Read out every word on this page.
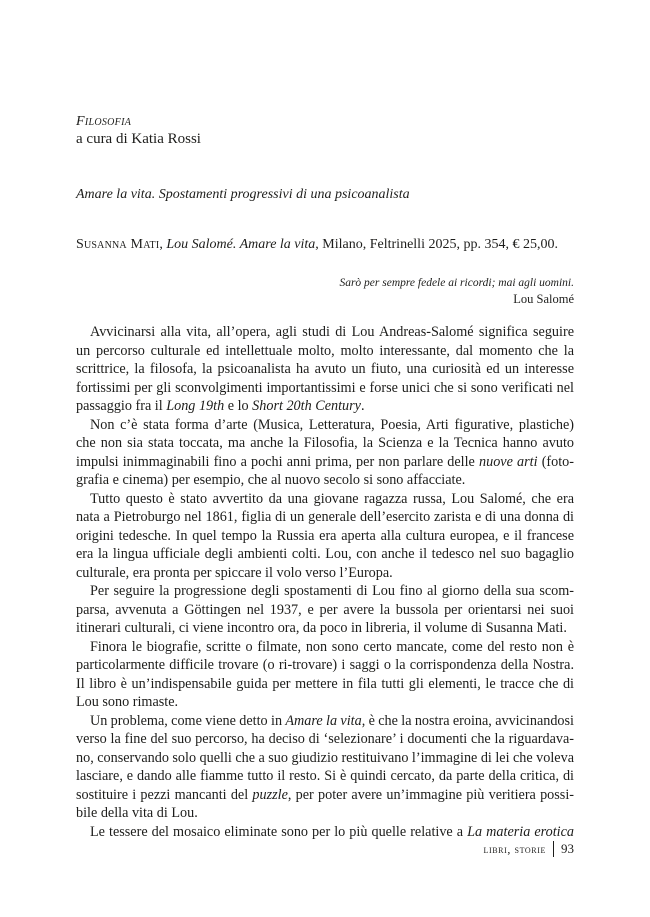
Filosofia
a cura di Katia Rossi
Amare la vita. Spostamenti progressivi di una psicoanalista
Susanna Mati, Lou Salomé. Amare la vita, Milano, Feltrinelli 2025, pp. 354, € 25,00.
Sarò per sempre fedele ai ricordi; mai agli uomini.
Lou Salomé
Avvicinarsi alla vita, all’opera, agli studi di Lou Andreas-Salomé significa seguire
un percorso culturale ed intellettuale molto, molto interessante, dal momento che la
scrittrice, la filosofa, la psicoanalista ha avuto un fiuto, una curiosità ed un interesse
fortissimi per gli sconvolgimenti importantissimi e forse unici che si sono verificati nel
passaggio fra il Long 19th e lo Short 20th Century.
Non c’è stata forma d’arte (Musica, Letteratura, Poesia, Arti figurative, plastiche)
che non sia stata toccata, ma anche la Filosofia, la Scienza e la Tecnica hanno avuto
impulsi inimmaginabili fino a pochi anni prima, per non parlare delle nuove arti (foto-
grafia e cinema) per esempio, che al nuovo secolo si sono affacciate.
Tutto questo è stato avvertito da una giovane ragazza russa, Lou Salomé, che era
nata a Pietroburgo nel 1861, figlia di un generale dell’esercito zarista e di una donna di
origini tedesche. In quel tempo la Russia era aperta alla cultura europea, e il francese
era la lingua ufficiale degli ambienti colti. Lou, con anche il tedesco nel suo bagaglio
culturale, era pronta per spiccare il volo verso l’Europa.
Per seguire la progressione degli spostamenti di Lou fino al giorno della sua scom-
parsa, avvenuta a Göttingen nel 1937, e per avere la bussola per orientarsi nei suoi
itinerari culturali, ci viene incontro ora, da poco in libreria, il volume di Susanna Mati.
Finora le biografie, scritte o filmate, non sono certo mancate, come del resto non è
particolarmente difficile trovare (o ri-trovare) i saggi o la corrispondenza della Nostra.
Il libro è un’indispensabile guida per mettere in fila tutti gli elementi, le tracce che di
Lou sono rimaste.
Un problema, come viene detto in Amare la vita, è che la nostra eroina, avvicinandosi
verso la fine del suo percorso, ha deciso di ‘selezionare’ i documenti che la riguardava-
no, conservando solo quelli che a suo giudizio restituivano l’immagine di lei che voleva
lasciare, e dando alle fiamme tutto il resto. Si è quindi cercato, da parte della critica, di
sostituire i pezzi mancanti del puzzle, per poter avere un’immagine più veritiera possi-
bile della vita di Lou.
Le tessere del mosaico eliminate sono per lo più quelle relative a La materia erotica
libri, storie 93
